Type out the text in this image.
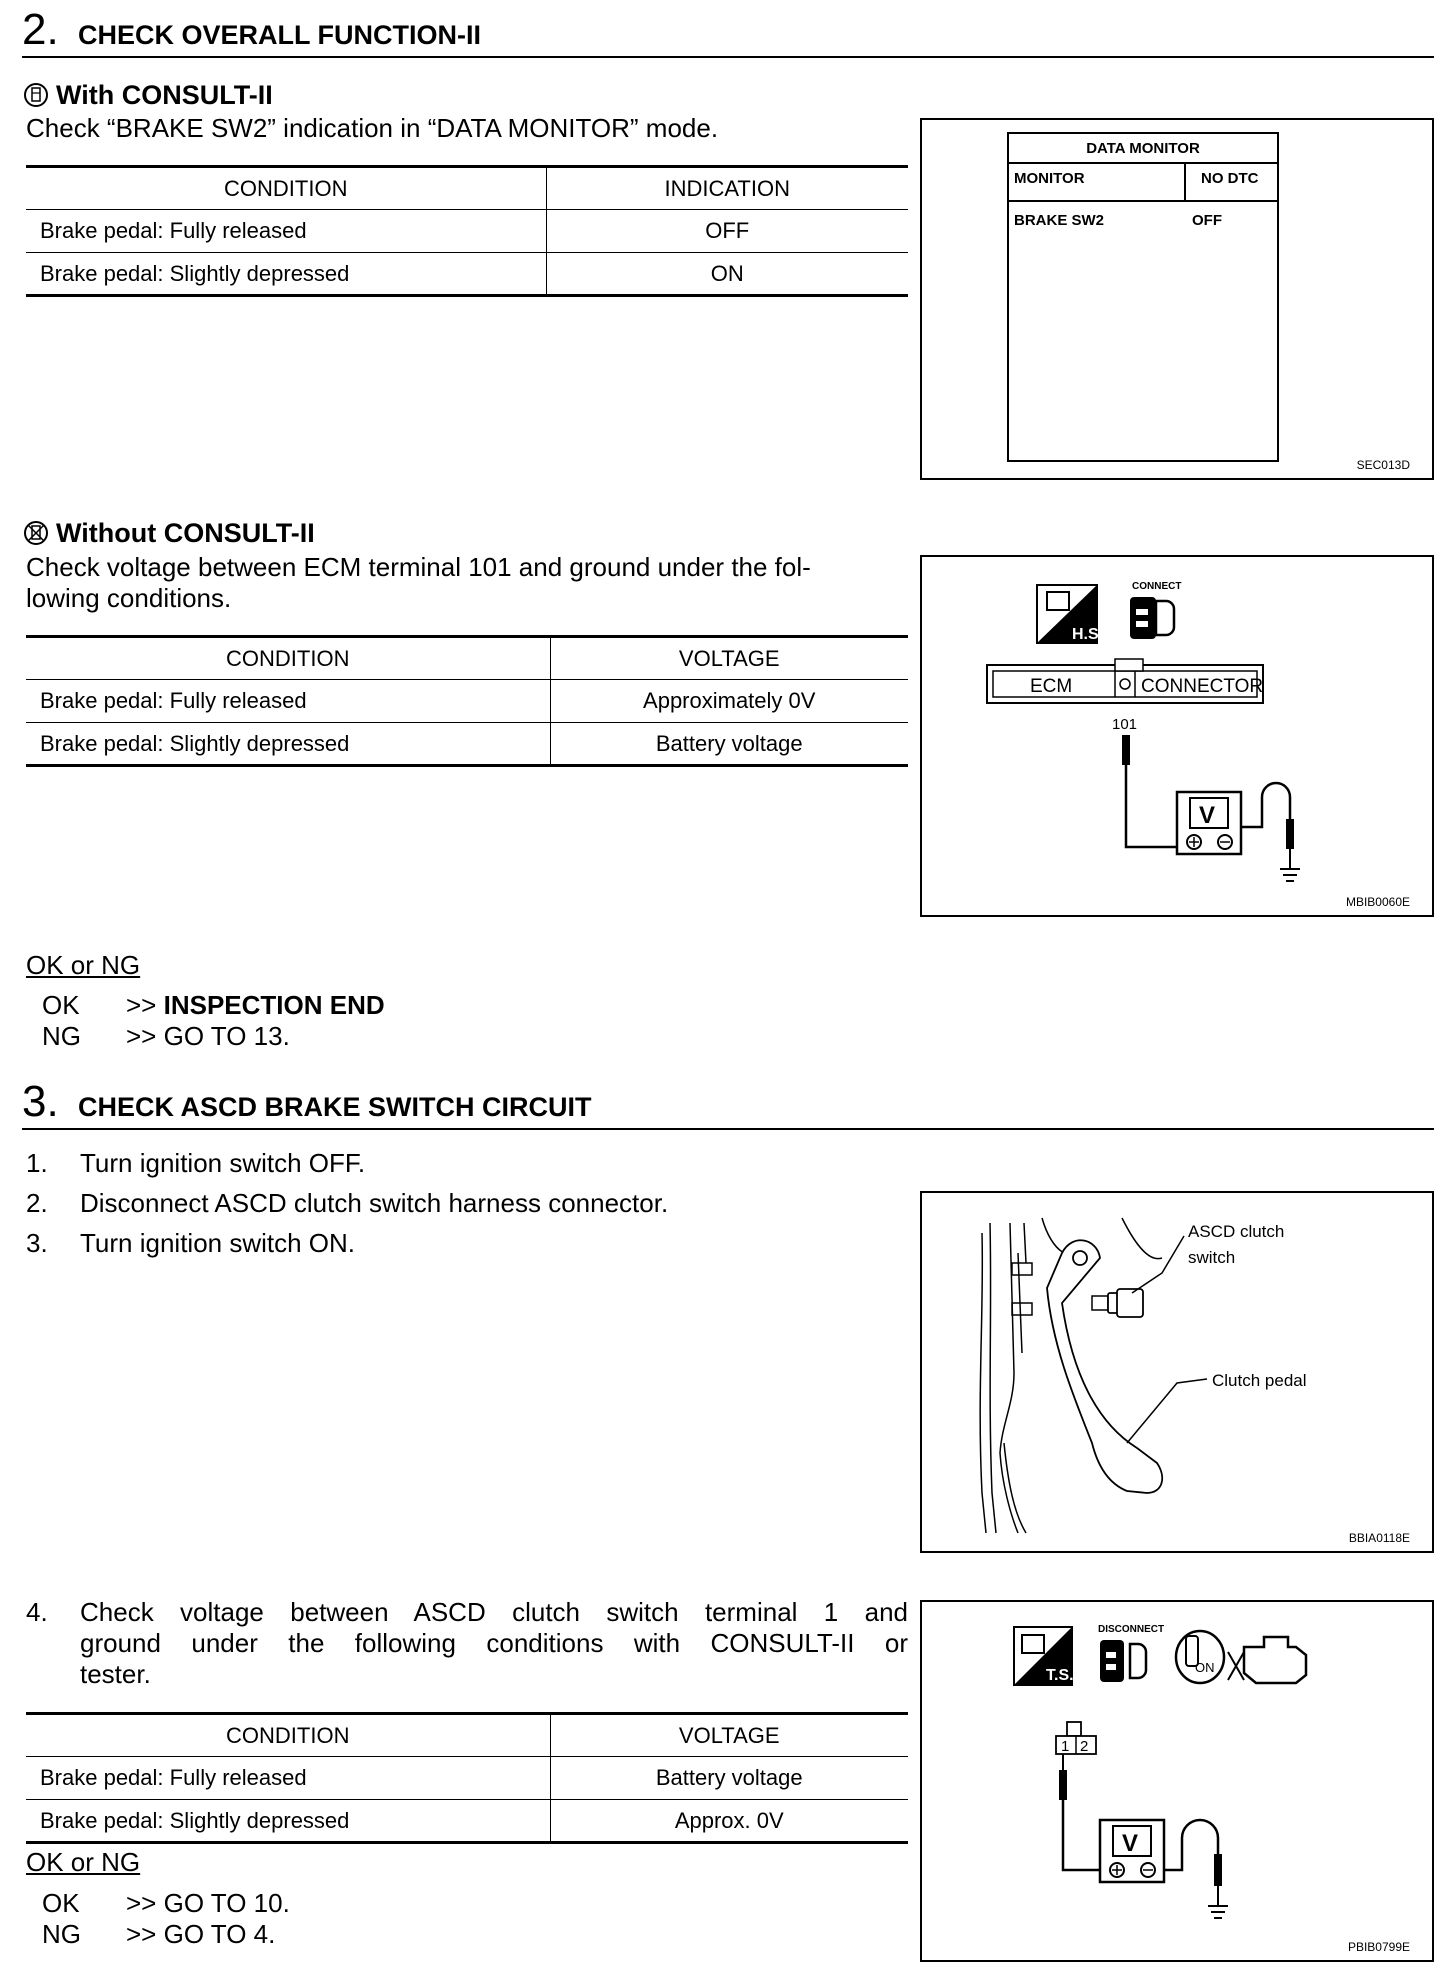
2. CHECK OVERALL FUNCTION-II
With CONSULT-II
Check “BRAKE SW2” indication in “DATA MONITOR” mode.
CONDITION	INDICATION
Brake pedal: Fully released	OFF
Brake pedal: Slightly depressed	ON
DATA MONITOR
MONITOR	NO DTC
BRAKE SW2	OFF
SEC013D
Without CONSULT-II
Check voltage between ECM terminal 101 and ground under the fol-
lowing conditions.
CONDITION	VOLTAGE
Brake pedal: Fully released	Approximately 0V
Brake pedal: Slightly depressed	Battery voltage
H.S.
CONNECT
ECM	CONNECTOR
101
V
MBIB0060E
OK or NG
OK >> INSPECTION END
NG >> GO TO 13.
3. CHECK ASCD BRAKE SWITCH CIRCUIT
1. Turn ignition switch OFF.
2. Disconnect ASCD clutch switch harness connector.
3. Turn ignition switch ON.	ASCD clutch
switch
Clutch pedal
BBIA0118E
4. Check voltage between ASCD clutch switch terminal 1 and
ground under the following conditions with CONSULT-II or
tester.
CONDITION	VOLTAGE
Brake pedal: Fully released	Battery voltage
Brake pedal: Slightly depressed	Approx. 0V
T.S.
DISCONNECT
ON
1 2
V
PBIB0799E
OK or NG
OK >> GO TO 10.
NG >> GO TO 4.
